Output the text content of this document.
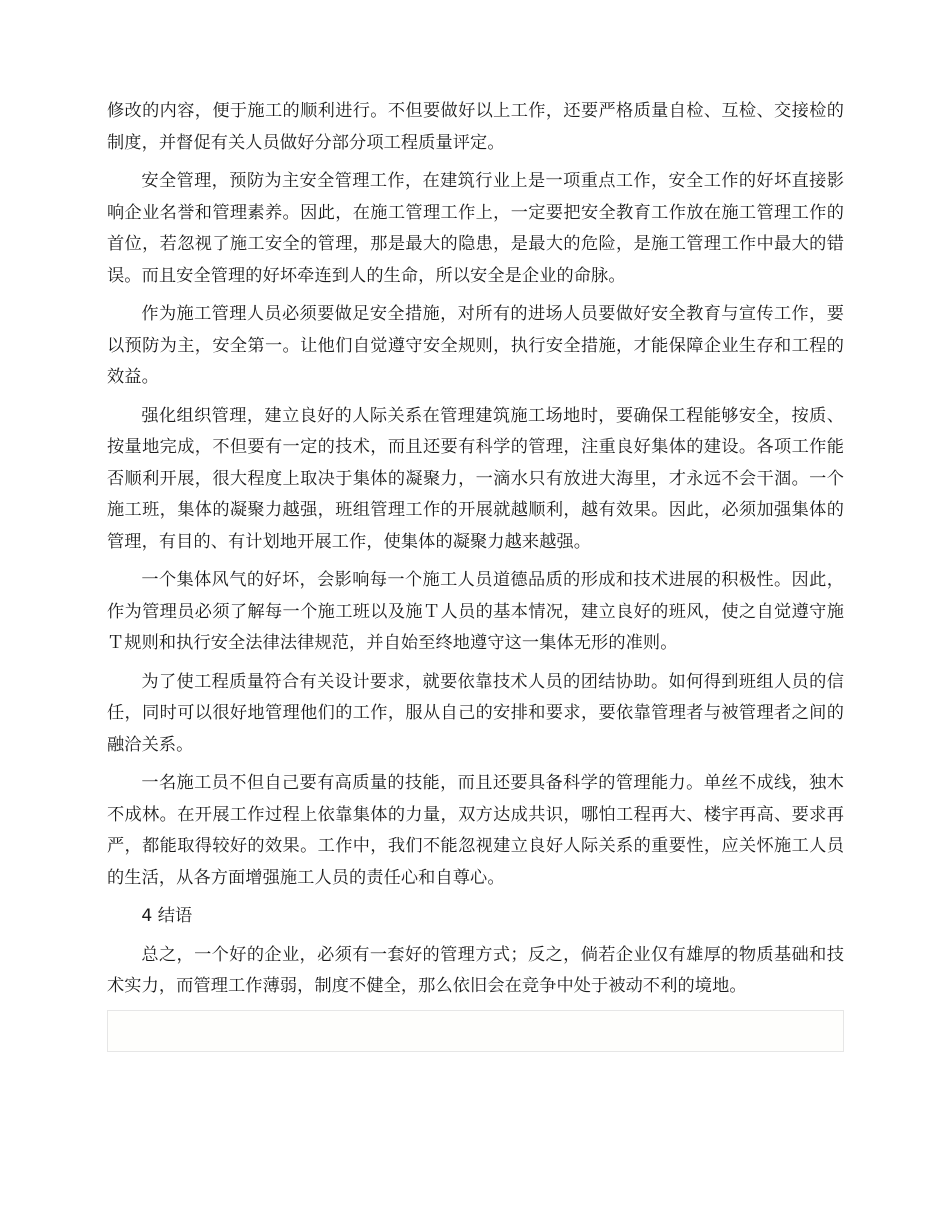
修改的内容，便于施工的顺利进行。不但要做好以上工作，还要严格质量自检、互检、交接检的制度，并督促有关人员做好分部分项工程质量评定。

安全管理，预防为主安全管理工作，在建筑行业上是一项重点工作，安全工作的好坏直接影响企业名誉和管理素养。因此，在施工管理工作上，一定要把安全教育工作放在施工管理工作的首位，若忽视了施工安全的管理，那是最大的隐患，是最大的危险，是施工管理工作中最大的错误。而且安全管理的好坏牵连到人的生命，所以安全是企业的命脉。

作为施工管理人员必须要做足安全措施，对所有的进场人员要做好安全教育与宣传工作，要以预防为主，安全第一。让他们自觉遵守安全规则，执行安全措施，才能保障企业生存和工程的效益。

强化组织管理，建立良好的人际关系在管理建筑施工场地时，要确保工程能够安全，按质、按量地完成，不但要有一定的技术，而且还要有科学的管理，注重良好集体的建设。各项工作能否顺利开展，很大程度上取决于集体的凝聚力，一滴水只有放进大海里，才永远不会干涸。一个施工班，集体的凝聚力越强，班组管理工作的开展就越顺利，越有效果。因此，必须加强集体的管理，有目的、有计划地开展工作，使集体的凝聚力越来越强。

一个集体风气的好坏，会影响每一个施工人员道德品质的形成和技术进展的积极性。因此，作为管理员必须了解每一个施工班以及施Ｔ人员的基本情况，建立良好的班风，使之自觉遵守施Ｔ规则和执行安全法律法律规范，并自始至终地遵守这一集体无形的准则。

为了使工程质量符合有关设计要求，就要依靠技术人员的团结协助。如何得到班组人员的信任，同时可以很好地管理他们的工作，服从自己的安排和要求，要依靠管理者与被管理者之间的融洽关系。

一名施工员不但自己要有高质量的技能，而且还要具备科学的管理能力。单丝不成线，独木不成林。在开展工作过程上依靠集体的力量，双方达成共识，哪怕工程再大、楼宇再高、要求再严，都能取得较好的效果。工作中，我们不能忽视建立良好人际关系的重要性，应关怀施工人员的生活，从各方面增强施工人员的责任心和自尊心。

4 结语

总之，一个好的企业，必须有一套好的管理方式；反之，倘若企业仅有雄厚的物质基础和技术实力，而管理工作薄弱，制度不健全，那么依旧会在竞争中处于被动不利的境地。
